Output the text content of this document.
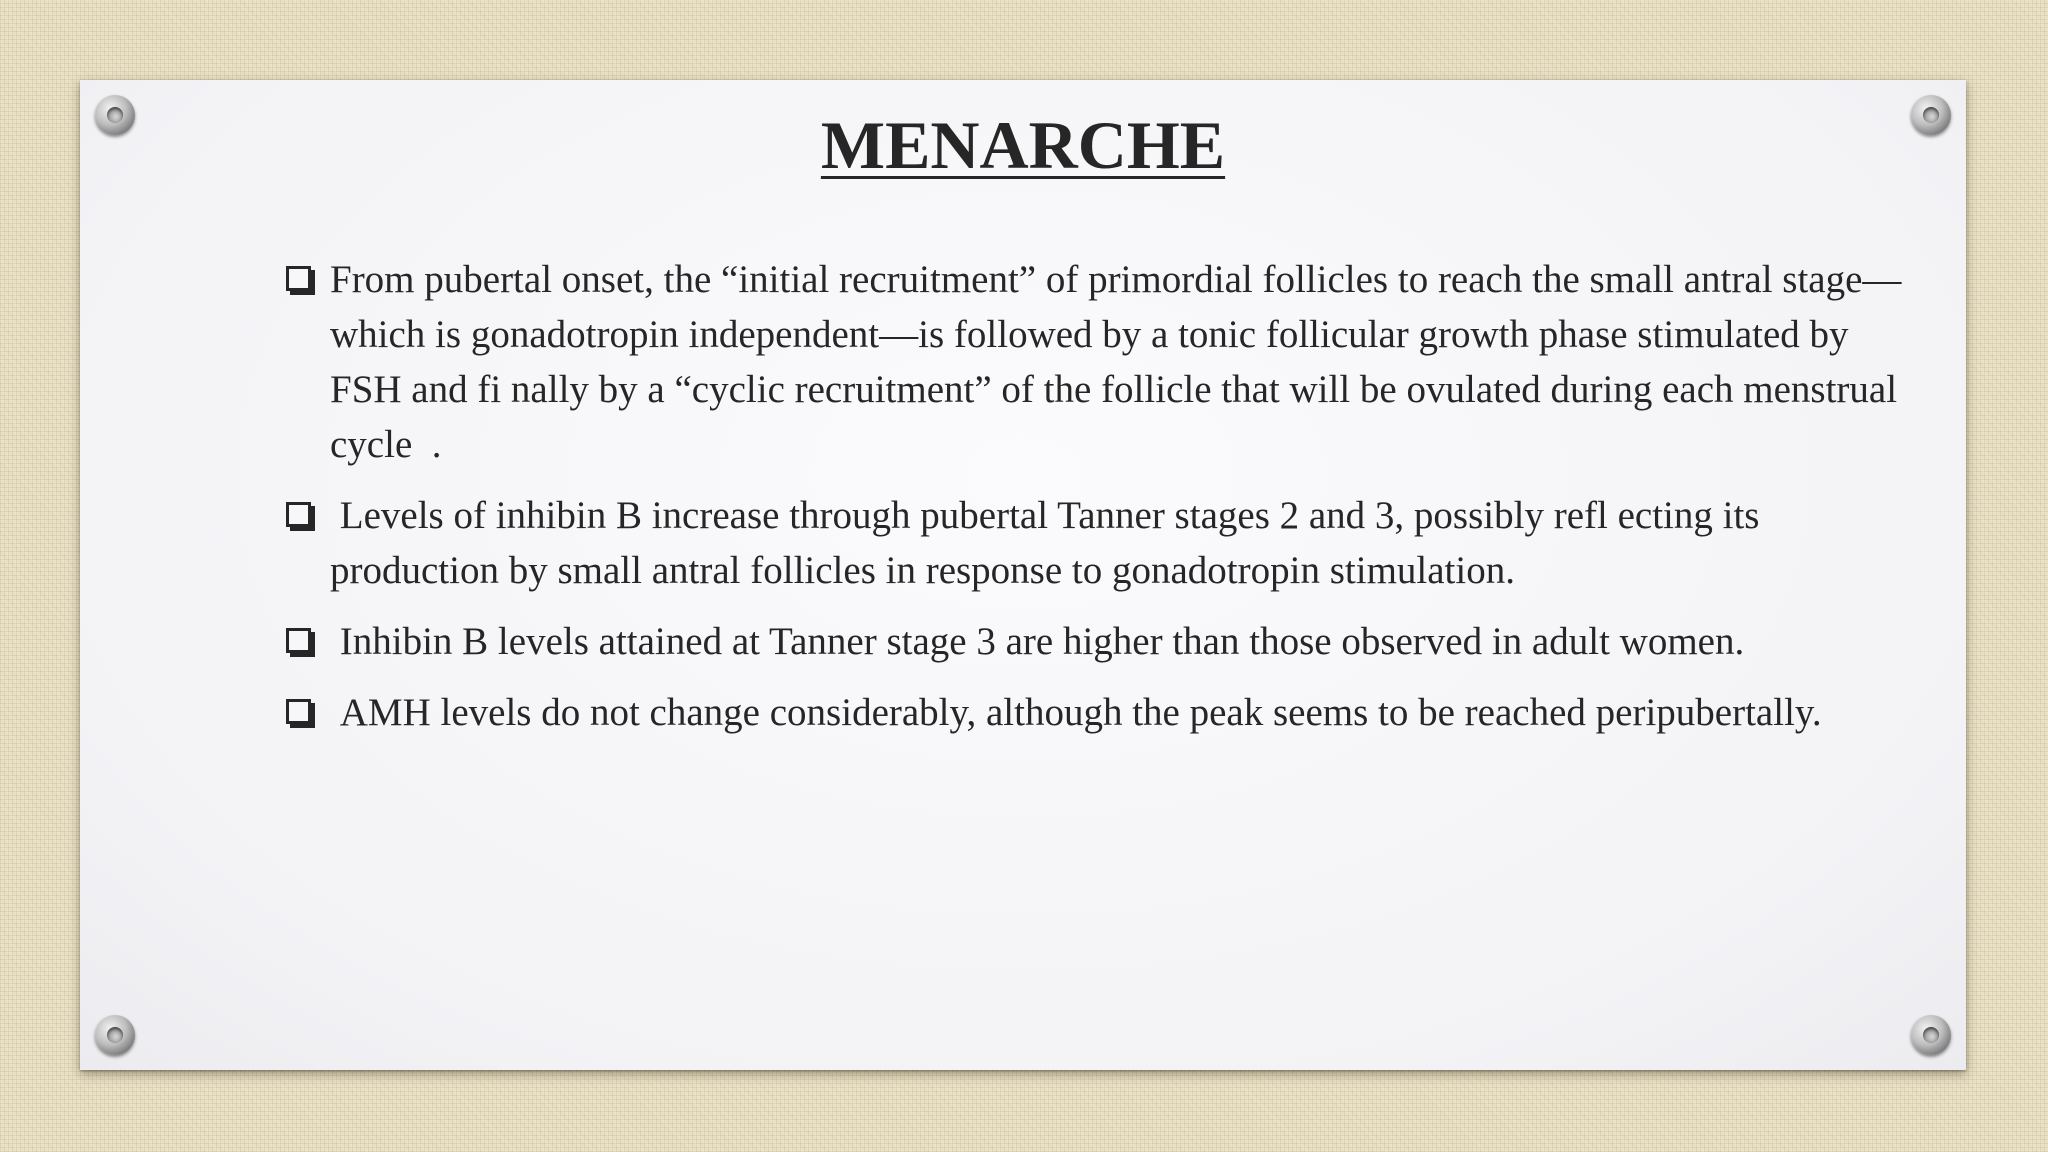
MENARCHE
From pubertal onset, the “initial recruitment” of primordial follicles to reach the small antral stage—which is gonadotropin independent—is followed by a tonic follicular growth phase stimulated by FSH and fi nally by a “cyclic recruitment” of the follicle that will be ovulated during each menstrual   cycle  .
Levels of inhibin B increase through pubertal Tanner stages 2 and 3, possibly refl ecting its production by small antral follicles in response to gonadotropin stimulation.
Inhibin B levels attained at Tanner stage 3 are higher than those observed in adult women.
AMH levels do not change considerably, although the peak seems to be reached peripubertally.
